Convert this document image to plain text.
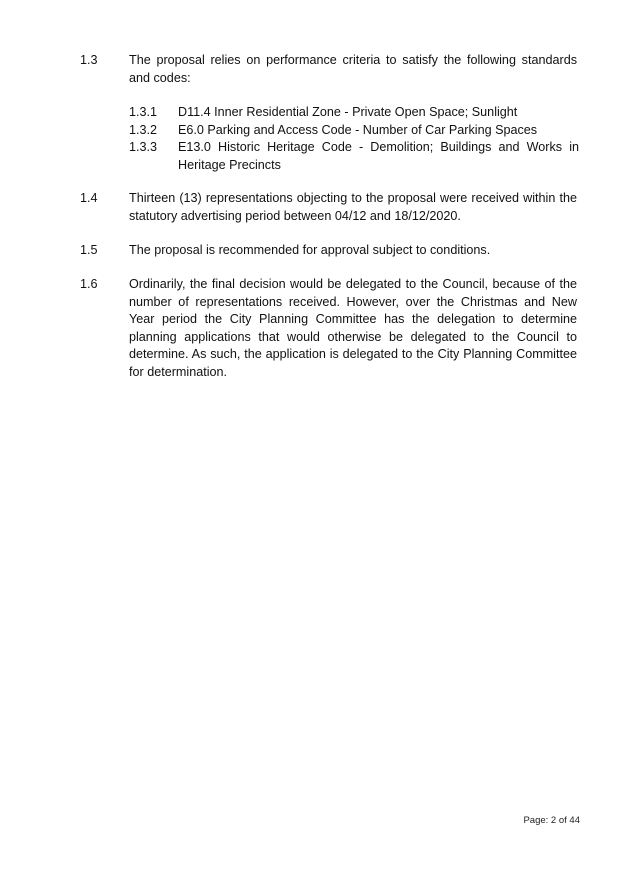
1.3 The proposal relies on performance criteria to satisfy the following standards and codes:
1.3.1 D11.4 Inner Residential Zone - Private Open Space; Sunlight
1.3.2 E6.0 Parking and Access Code - Number of Car Parking Spaces
1.3.3 E13.0 Historic Heritage Code - Demolition; Buildings and Works in Heritage Precincts
1.4 Thirteen (13) representations objecting to the proposal were received within the statutory advertising period between 04/12 and 18/12/2020.
1.5 The proposal is recommended for approval subject to conditions.
1.6 Ordinarily, the final decision would be delegated to the Council, because of the number of representations received. However, over the Christmas and New Year period the City Planning Committee has the delegation to determine planning applications that would otherwise be delegated to the Council to determine. As such, the application is delegated to the City Planning Committee for determination.
Page: 2 of 44
